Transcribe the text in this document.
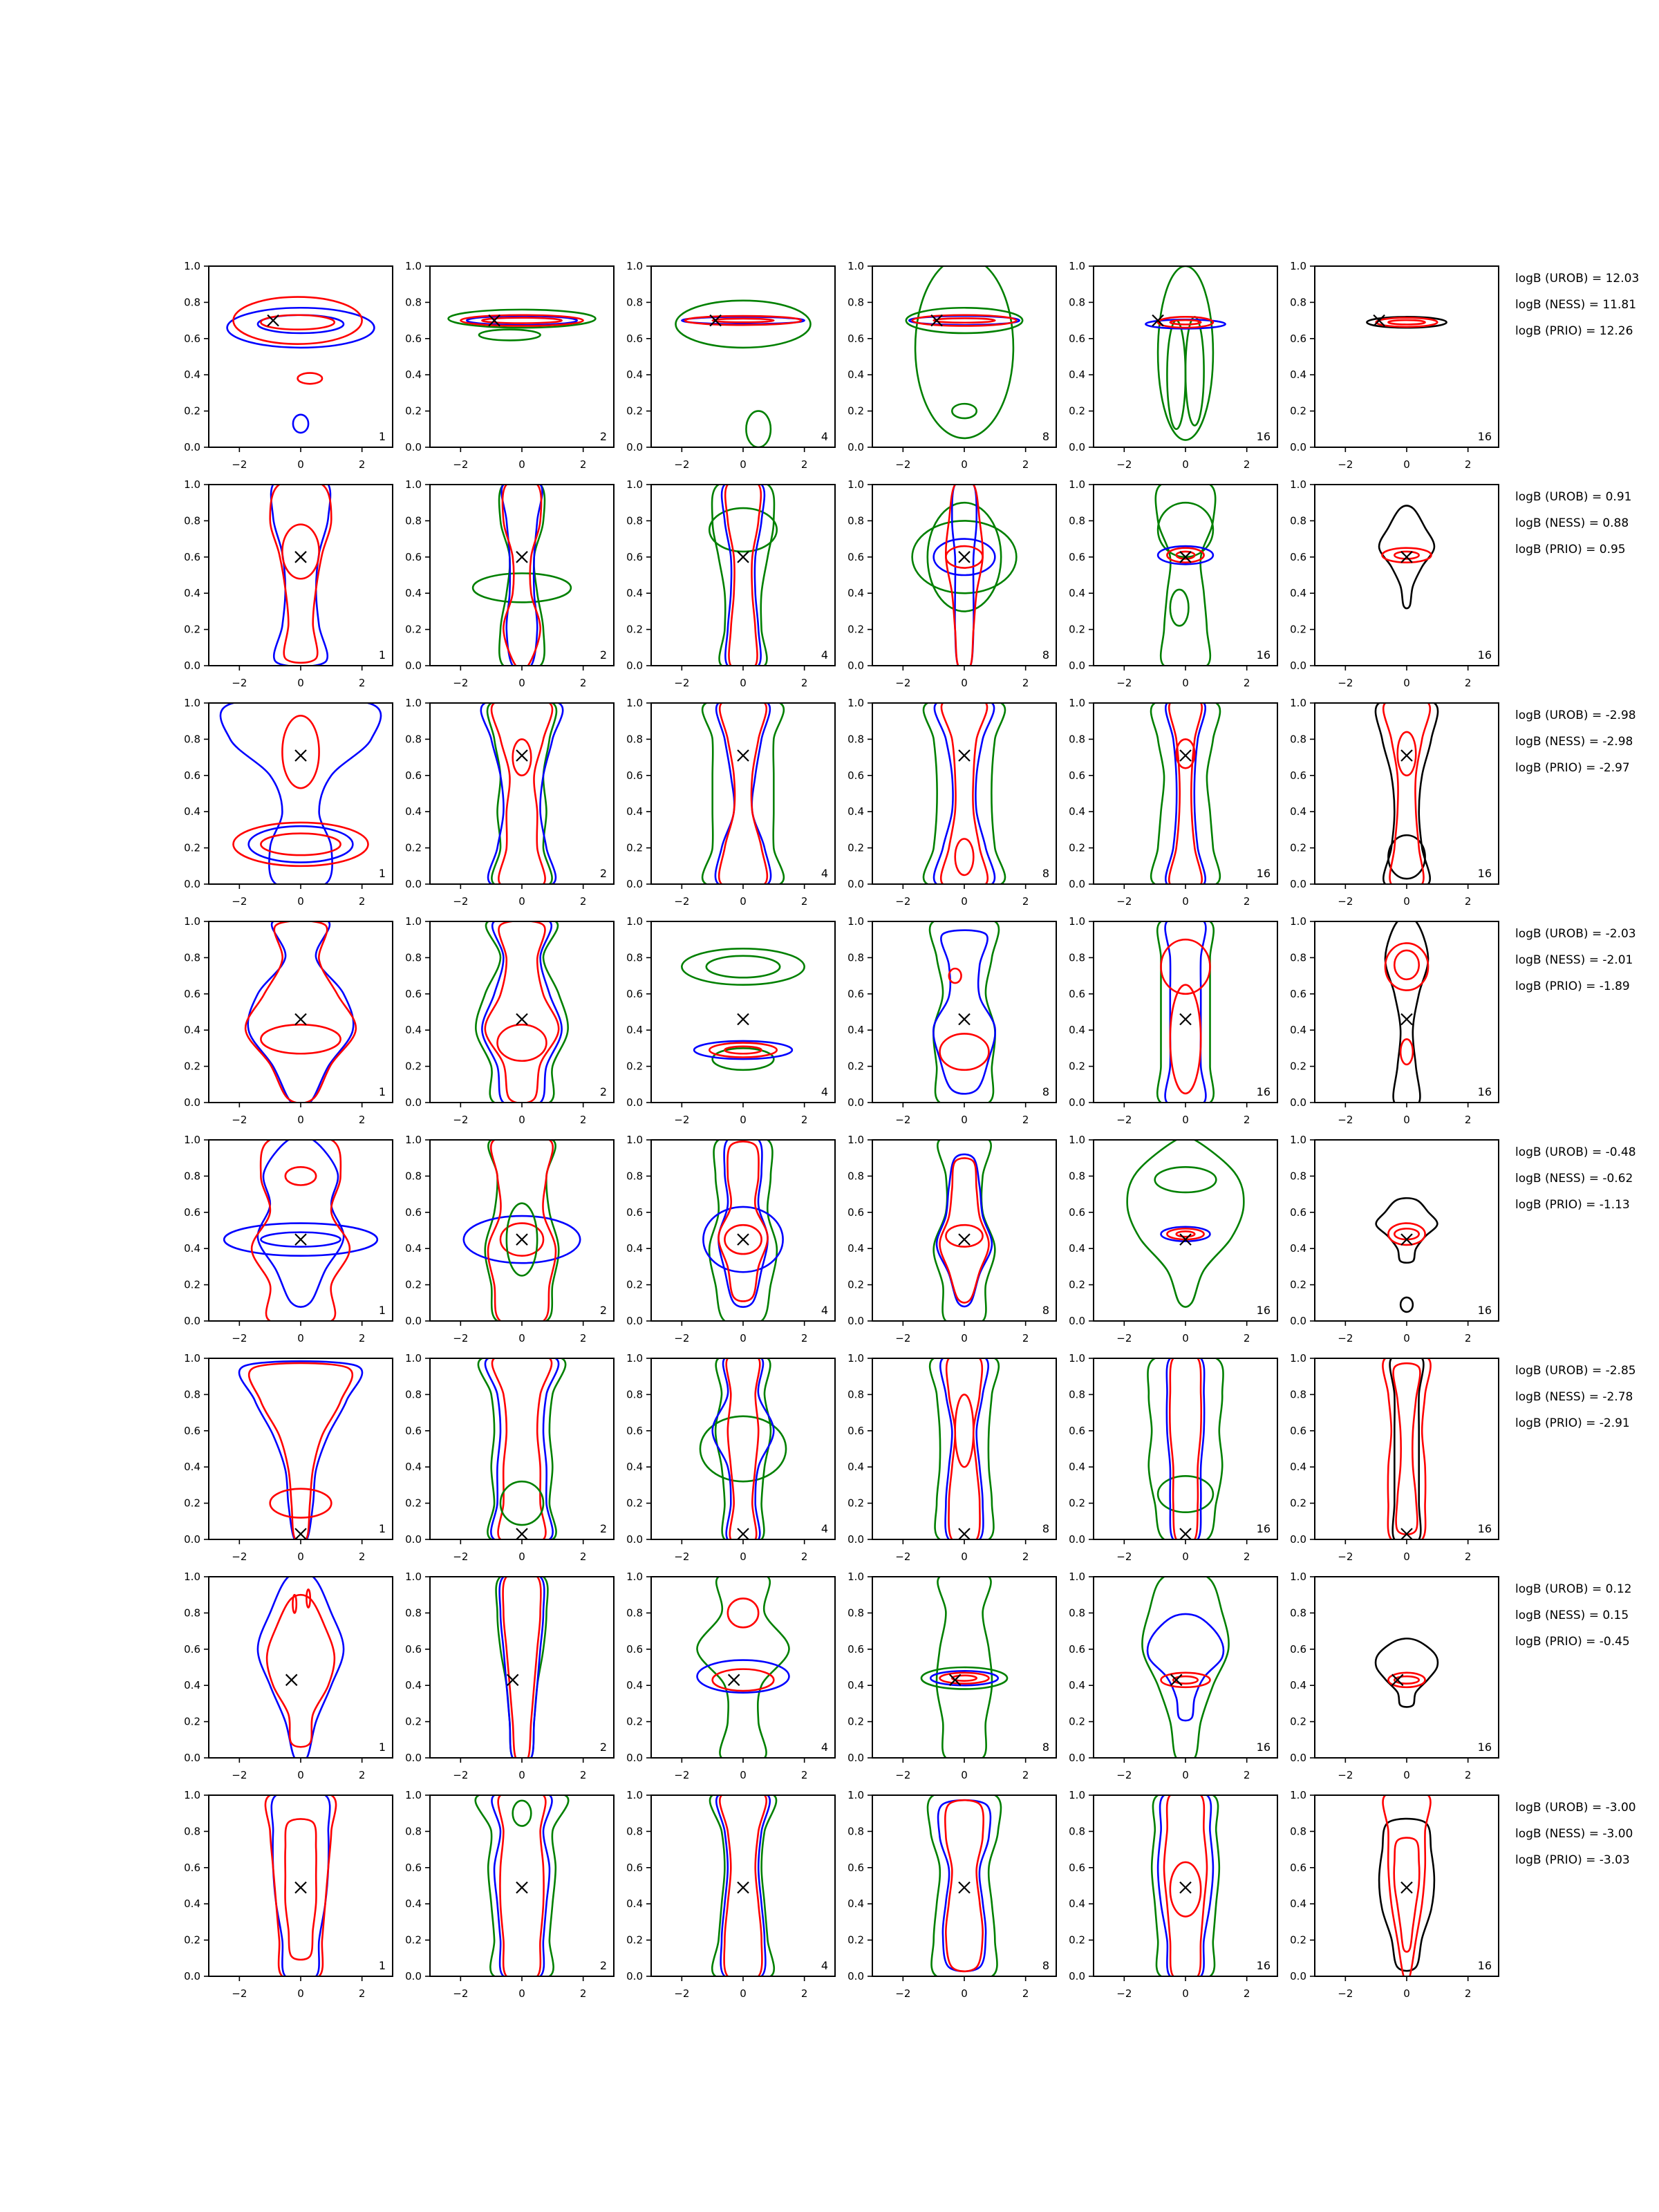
−2	0	2
0.0
0.2
0.4
0.6
0.8
1.0
1
−2	0	2
0.0
0.2
0.4
0.6
0.8
1.0
2
−2	0	2
0.0
0.2
0.4
0.6
0.8
1.0
4
−2	0	2
0.0
0.2
0.4
0.6
0.8
1.0
8
−2	0	2
0.0
0.2
0.4
0.6
0.8
1.0
16
−2	0	2
0.0
0.2
0.4
0.6
0.8
1.0
16
logB (UROB) = 12.03
logB (NESS) = 11.81
logB (PRIO) = 12.26
−2	0	2
0.0
0.2
0.4
0.6
0.8
1.0
1
−2	0	2
0.0
0.2
0.4
0.6
0.8
1.0
2
−2	0	2
0.0
0.2
0.4
0.6
0.8
1.0
4
−2	0	2
0.0
0.2
0.4
0.6
0.8
1.0
8
−2	0	2
0.0
0.2
0.4
0.6
0.8
1.0
16
−2	0	2
0.0
0.2
0.4
0.6
0.8
1.0
16
logB (UROB) = 0.91
logB (NESS) = 0.88
logB (PRIO) = 0.95
−2	0	2
0.0
0.2
0.4
0.6
0.8
1.0
1
−2	0	2
0.0
0.2
0.4
0.6
0.8
1.0
2
−2	0	2
0.0
0.2
0.4
0.6
0.8
1.0
4
−2	0	2
0.0
0.2
0.4
0.6
0.8
1.0
8
−2	0	2
0.0
0.2
0.4
0.6
0.8
1.0
16
−2	0	2
0.0
0.2
0.4
0.6
0.8
1.0
16
logB (UROB) = -2.98
logB (NESS) = -2.98
logB (PRIO) = -2.97
−2	0	2
0.0
0.2
0.4
0.6
0.8
1.0
1
−2	0	2
0.0
0.2
0.4
0.6
0.8
1.0
2
−2	0	2
0.0
0.2
0.4
0.6
0.8
1.0
4
−2	0	2
0.0
0.2
0.4
0.6
0.8
1.0
8
−2	0	2
0.0
0.2
0.4
0.6
0.8
1.0
16
−2	0	2
0.0
0.2
0.4
0.6
0.8
1.0
16
logB (UROB) = -2.03
logB (NESS) = -2.01
logB (PRIO) = -1.89
−2	0	2
0.0
0.2
0.4
0.6
0.8
1.0
1
−2	0	2
0.0
0.2
0.4
0.6
0.8
1.0
2
−2	0	2
0.0
0.2
0.4
0.6
0.8
1.0
4
−2	0	2
0.0
0.2
0.4
0.6
0.8
1.0
8
−2	0	2
0.0
0.2
0.4
0.6
0.8
1.0
16
−2	0	2
0.0
0.2
0.4
0.6
0.8
1.0
16
logB (UROB) = -0.48
logB (NESS) = -0.62
logB (PRIO) = -1.13
−2	0	2
0.0
0.2
0.4
0.6
0.8
1.0
1
−2	0	2
0.0
0.2
0.4
0.6
0.8
1.0
2
−2	0	2
0.0
0.2
0.4
0.6
0.8
1.0
4
−2	0	2
0.0
0.2
0.4
0.6
0.8
1.0
8
−2	0	2
0.0
0.2
0.4
0.6
0.8
1.0
16
−2	0	2
0.0
0.2
0.4
0.6
0.8
1.0
16
logB (UROB) = -2.85
logB (NESS) = -2.78
logB (PRIO) = -2.91
−2	0	2
0.0
0.2
0.4
0.6
0.8
1.0
1
−2	0	2
0.0
0.2
0.4
0.6
0.8
1.0
2
−2	0	2
0.0
0.2
0.4
0.6
0.8
1.0
4
−2	0	2
0.0
0.2
0.4
0.6
0.8
1.0
8
−2	0	2
0.0
0.2
0.4
0.6
0.8
1.0
16
−2	0	2
0.0
0.2
0.4
0.6
0.8
1.0
16
logB (UROB) = 0.12
logB (NESS) = 0.15
logB (PRIO) = -0.45
−2	0	2
0.0
0.2
0.4
0.6
0.8
1.0
1
−2	0	2
0.0
0.2
0.4
0.6
0.8
1.0
2
−2	0	2
0.0
0.2
0.4
0.6
0.8
1.0
4
−2	0	2
0.0
0.2
0.4
0.6
0.8
1.0
8
−2	0	2
0.0
0.2
0.4
0.6
0.8
1.0
16
−2	0	2
0.0
0.2
0.4
0.6
0.8
1.0
16
logB (UROB) = -3.00
logB (NESS) = -3.00
logB (PRIO) = -3.03
